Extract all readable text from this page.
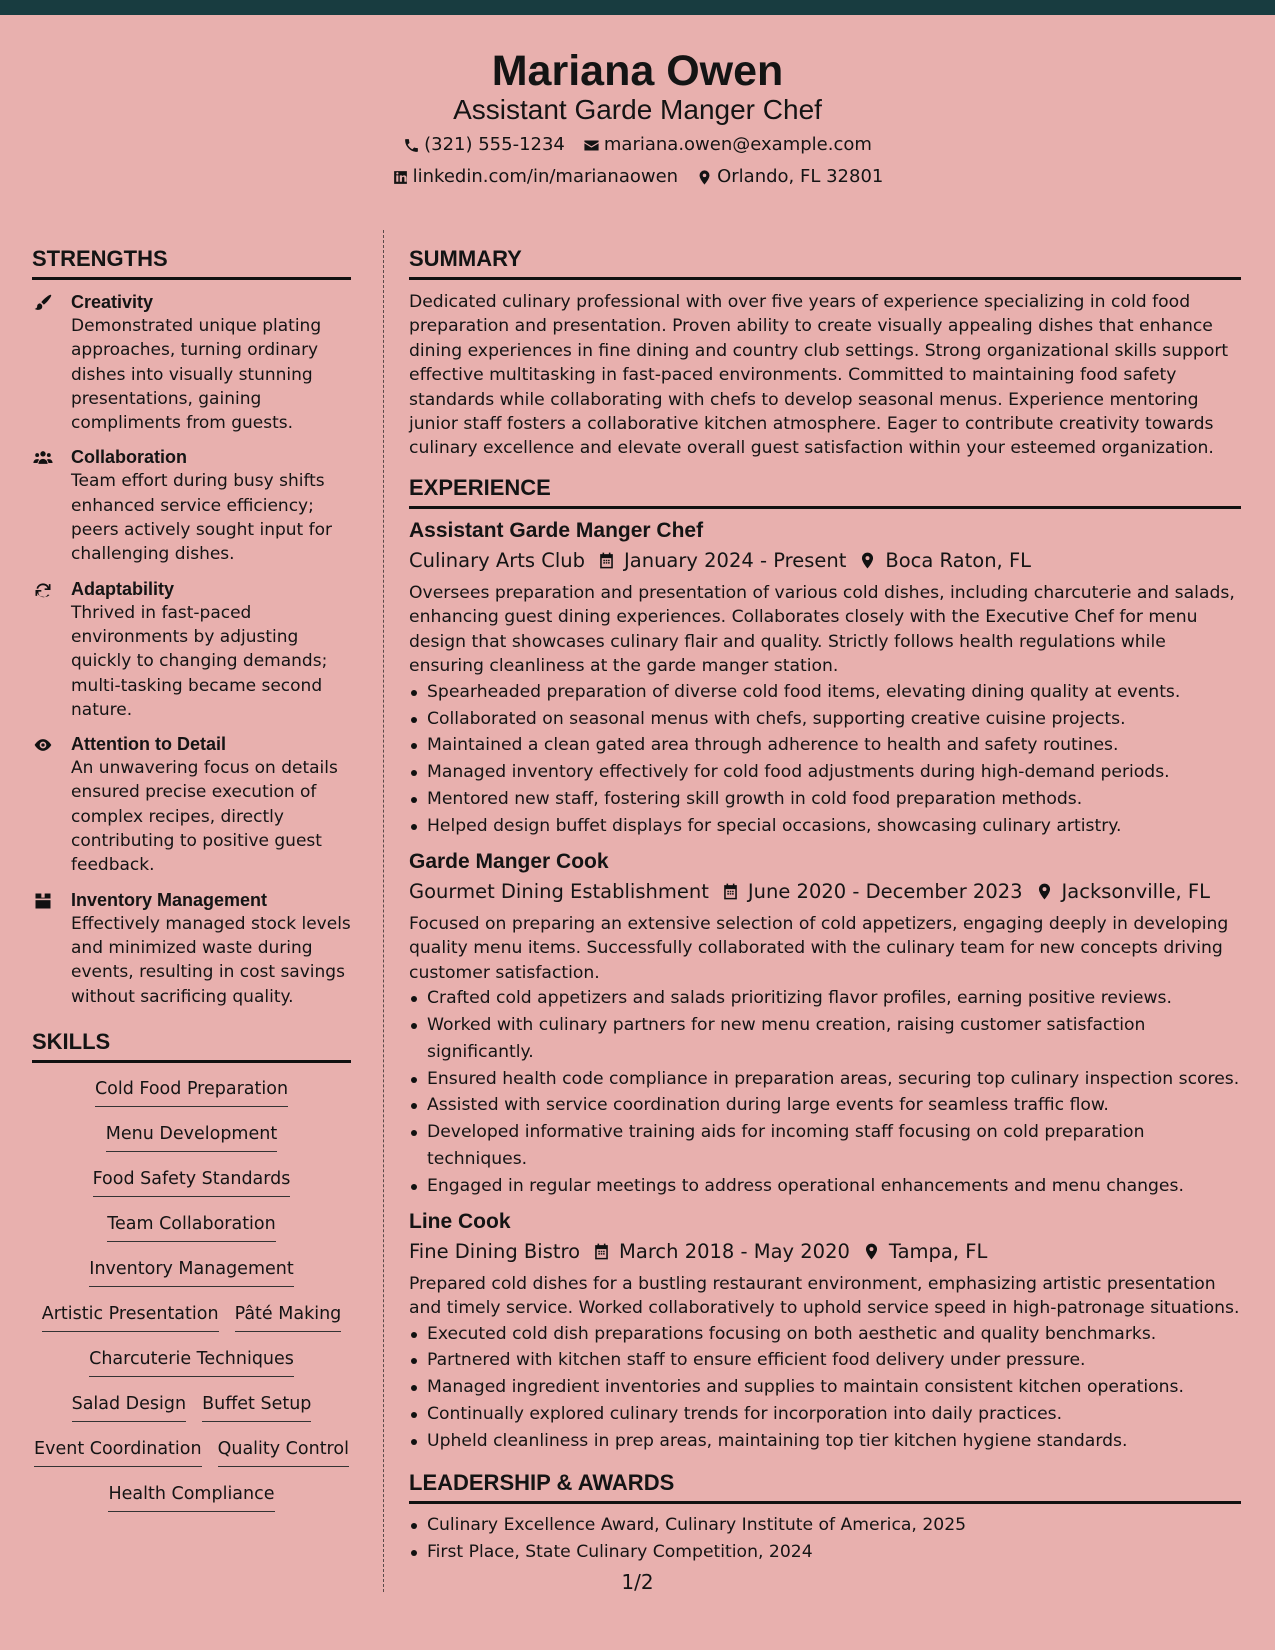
Mariana Owen
Assistant Garde Manger Chef
(321) 555-1234 mariana.owen@example.com
linkedin.com/in/marianaowen Orlando, FL 32801
STRENGTHS
Creativity
Demonstrated unique plating approaches, turning ordinary dishes into visually stunning presentations, gaining compliments from guests.
Collaboration
Team effort during busy shifts enhanced service efficiency; peers actively sought input for challenging dishes.
Adaptability
Thrived in fast-paced environments by adjusting quickly to changing demands; multi-tasking became second nature.
Attention to Detail
An unwavering focus on details ensured precise execution of complex recipes, directly contributing to positive guest feedback.
Inventory Management
Effectively managed stock levels and minimized waste during events, resulting in cost savings without sacrificing quality.
SKILLS
Cold Food Preparation
Menu Development
Food Safety Standards
Team Collaboration
Inventory Management
Artistic Presentation Pâté Making
Charcuterie Techniques
Salad Design Buffet Setup
Event Coordination Quality Control
Health Compliance
SUMMARY
Dedicated culinary professional with over five years of experience specializing in cold food preparation and presentation. Proven ability to create visually appealing dishes that enhance dining experiences in fine dining and country club settings. Strong organizational skills support effective multitasking in fast-paced environments. Committed to maintaining food safety standards while collaborating with chefs to develop seasonal menus. Experience mentoring junior staff fosters a collaborative kitchen atmosphere. Eager to contribute creativity towards culinary excellence and elevate overall guest satisfaction within your esteemed organization.
EXPERIENCE
Assistant Garde Manger Chef
Culinary Arts Club January 2024 - Present Boca Raton, FL
Oversees preparation and presentation of various cold dishes, including charcuterie and salads, enhancing guest dining experiences. Collaborates closely with the Executive Chef for menu design that showcases culinary flair and quality. Strictly follows health regulations while ensuring cleanliness at the garde manger station.
Spearheaded preparation of diverse cold food items, elevating dining quality at events.
Collaborated on seasonal menus with chefs, supporting creative cuisine projects.
Maintained a clean gated area through adherence to health and safety routines.
Managed inventory effectively for cold food adjustments during high-demand periods.
Mentored new staff, fostering skill growth in cold food preparation methods.
Helped design buffet displays for special occasions, showcasing culinary artistry.
Garde Manger Cook
Gourmet Dining Establishment June 2020 - December 2023 Jacksonville, FL
Focused on preparing an extensive selection of cold appetizers, engaging deeply in developing quality menu items. Successfully collaborated with the culinary team for new concepts driving customer satisfaction.
Crafted cold appetizers and salads prioritizing flavor profiles, earning positive reviews.
Worked with culinary partners for new menu creation, raising customer satisfaction significantly.
Ensured health code compliance in preparation areas, securing top culinary inspection scores.
Assisted with service coordination during large events for seamless traffic flow.
Developed informative training aids for incoming staff focusing on cold preparation techniques.
Engaged in regular meetings to address operational enhancements and menu changes.
Line Cook
Fine Dining Bistro March 2018 - May 2020 Tampa, FL
Prepared cold dishes for a bustling restaurant environment, emphasizing artistic presentation and timely service. Worked collaboratively to uphold service speed in high-patronage situations.
Executed cold dish preparations focusing on both aesthetic and quality benchmarks.
Partnered with kitchen staff to ensure efficient food delivery under pressure.
Managed ingredient inventories and supplies to maintain consistent kitchen operations.
Continually explored culinary trends for incorporation into daily practices.
Upheld cleanliness in prep areas, maintaining top tier kitchen hygiene standards.
LEADERSHIP & AWARDS
Culinary Excellence Award, Culinary Institute of America, 2025
First Place, State Culinary Competition, 2024
1/2
